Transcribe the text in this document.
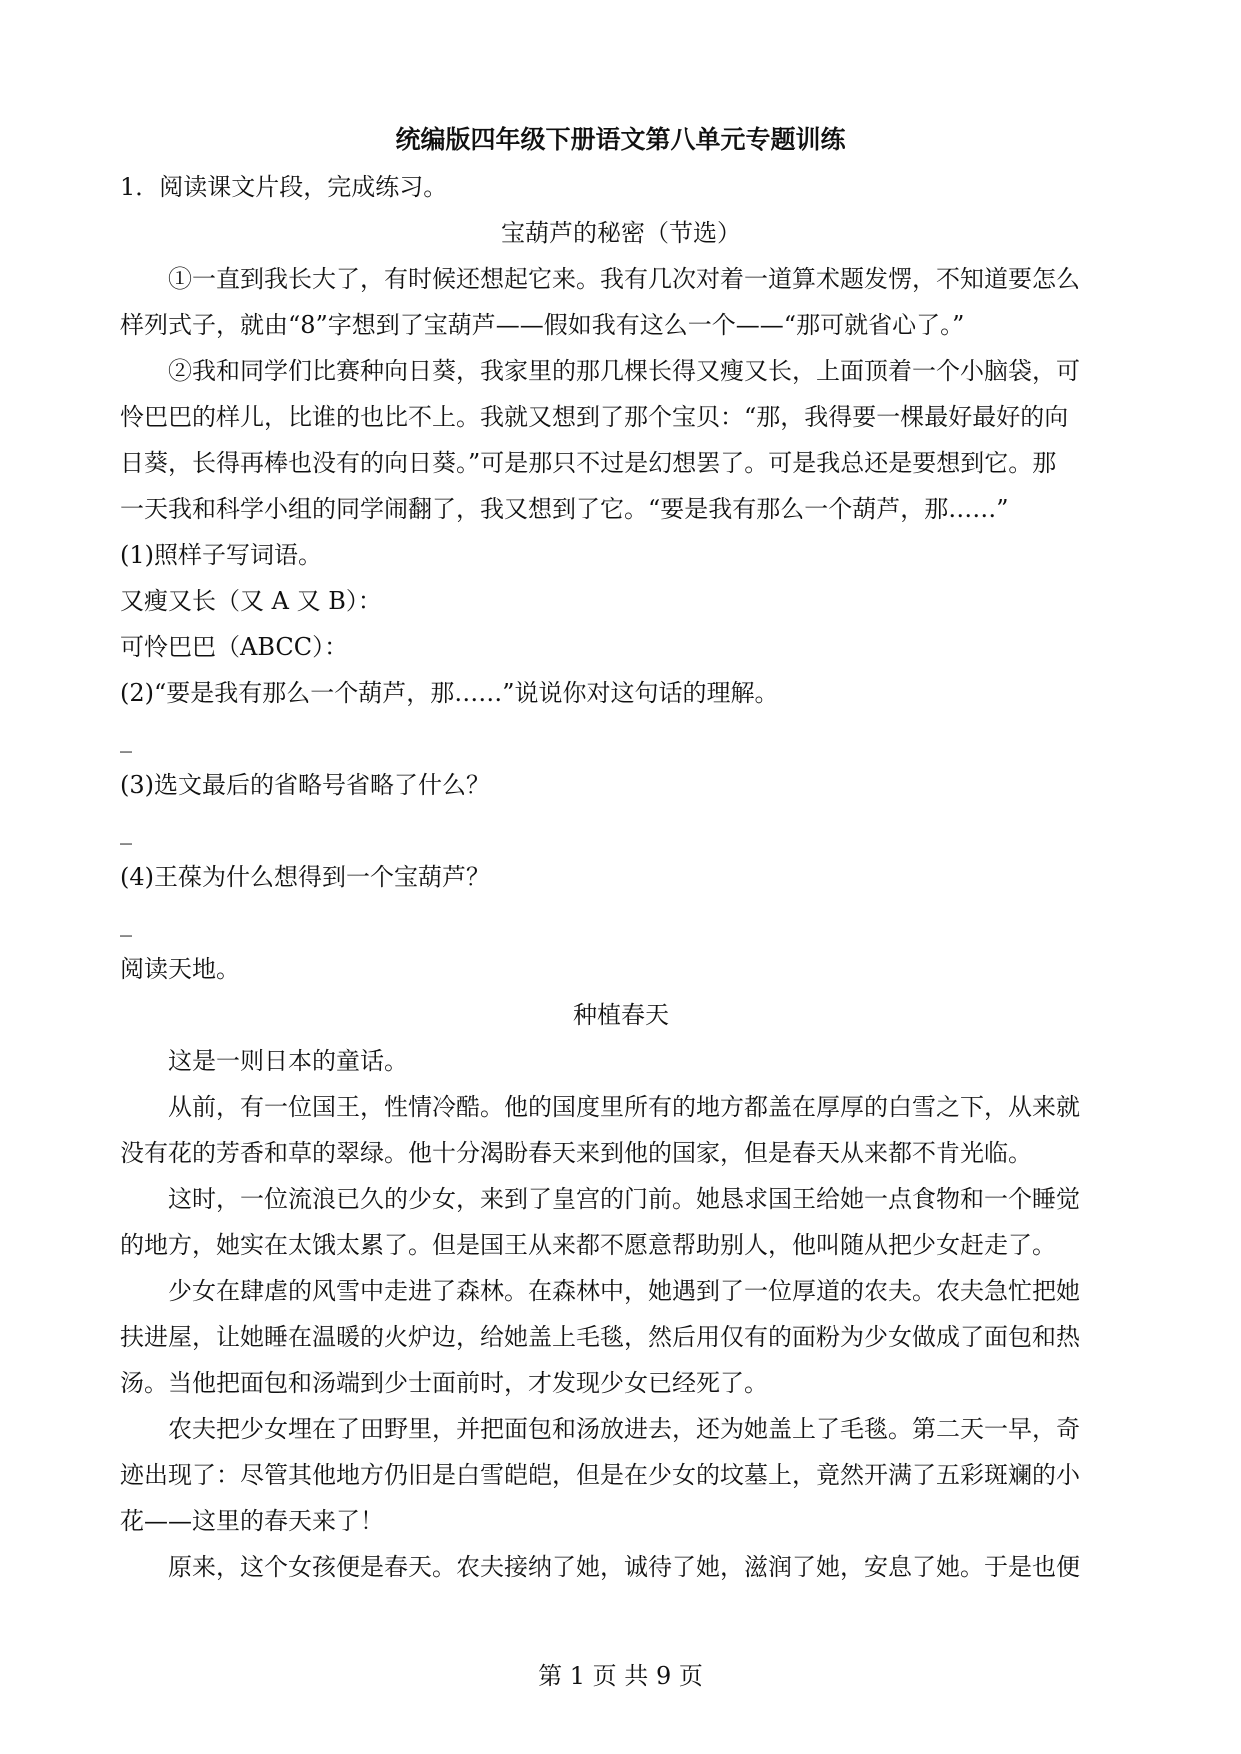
统编版四年级下册语文第八单元专题训练
1．阅读课文片段，完成练习。
宝葫芦的秘密（节选）
①一直到我长大了，有时候还想起它来。我有几次对着一道算术题发愣，不知道要怎么
样列式子，就由“8”字想到了宝葫芦——假如我有这么一个——“那可就省心了。”
②我和同学们比赛种向日葵，我家里的那几棵长得又瘦又长，上面顶着一个小脑袋，可
怜巴巴的样儿，比谁的也比不上。我就又想到了那个宝贝：“那，我得要一棵最好最好的向
日葵，长得再棒也没有的向日葵。”可是那只不过是幻想罢了。可是我总还是要想到它。那
一天我和科学小组的同学闹翻了，我又想到了它。“要是我有那么一个葫芦，那……”
(1)照样子写词语。
又瘦又长（又 A 又 B）：
可怜巴巴（ABCC）：
(2)“要是我有那么一个葫芦，那……”说说你对这句话的理解。
_
(3)选文最后的省略号省略了什么？
_
(4)王葆为什么想得到一个宝葫芦？
_
阅读天地。
种植春天
这是一则日本的童话。
从前，有一位国王，性情冷酷。他的国度里所有的地方都盖在厚厚的白雪之下，从来就
没有花的芳香和草的翠绿。他十分渴盼春天来到他的国家，但是春天从来都不肯光临。
这时，一位流浪已久的少女，来到了皇宫的门前。她恳求国王给她一点食物和一个睡觉
的地方，她实在太饿太累了。但是国王从来都不愿意帮助别人，他叫随从把少女赶走了。
少女在肆虐的风雪中走进了森林。在森林中，她遇到了一位厚道的农夫。农夫急忙把她
扶进屋，让她睡在温暖的火炉边，给她盖上毛毯，然后用仅有的面粉为少女做成了面包和热
汤。当他把面包和汤端到少士面前时，才发现少女已经死了。
农夫把少女埋在了田野里，并把面包和汤放进去，还为她盖上了毛毯。第二天一早，奇
迹出现了：尽管其他地方仍旧是白雪皑皑，但是在少女的坟墓上，竟然开满了五彩斑斓的小
花——这里的春天来了！
原来，这个女孩便是春天。农夫接纳了她，诚待了她，滋润了她，安息了她。于是也便
第 1 页 共 9 页
